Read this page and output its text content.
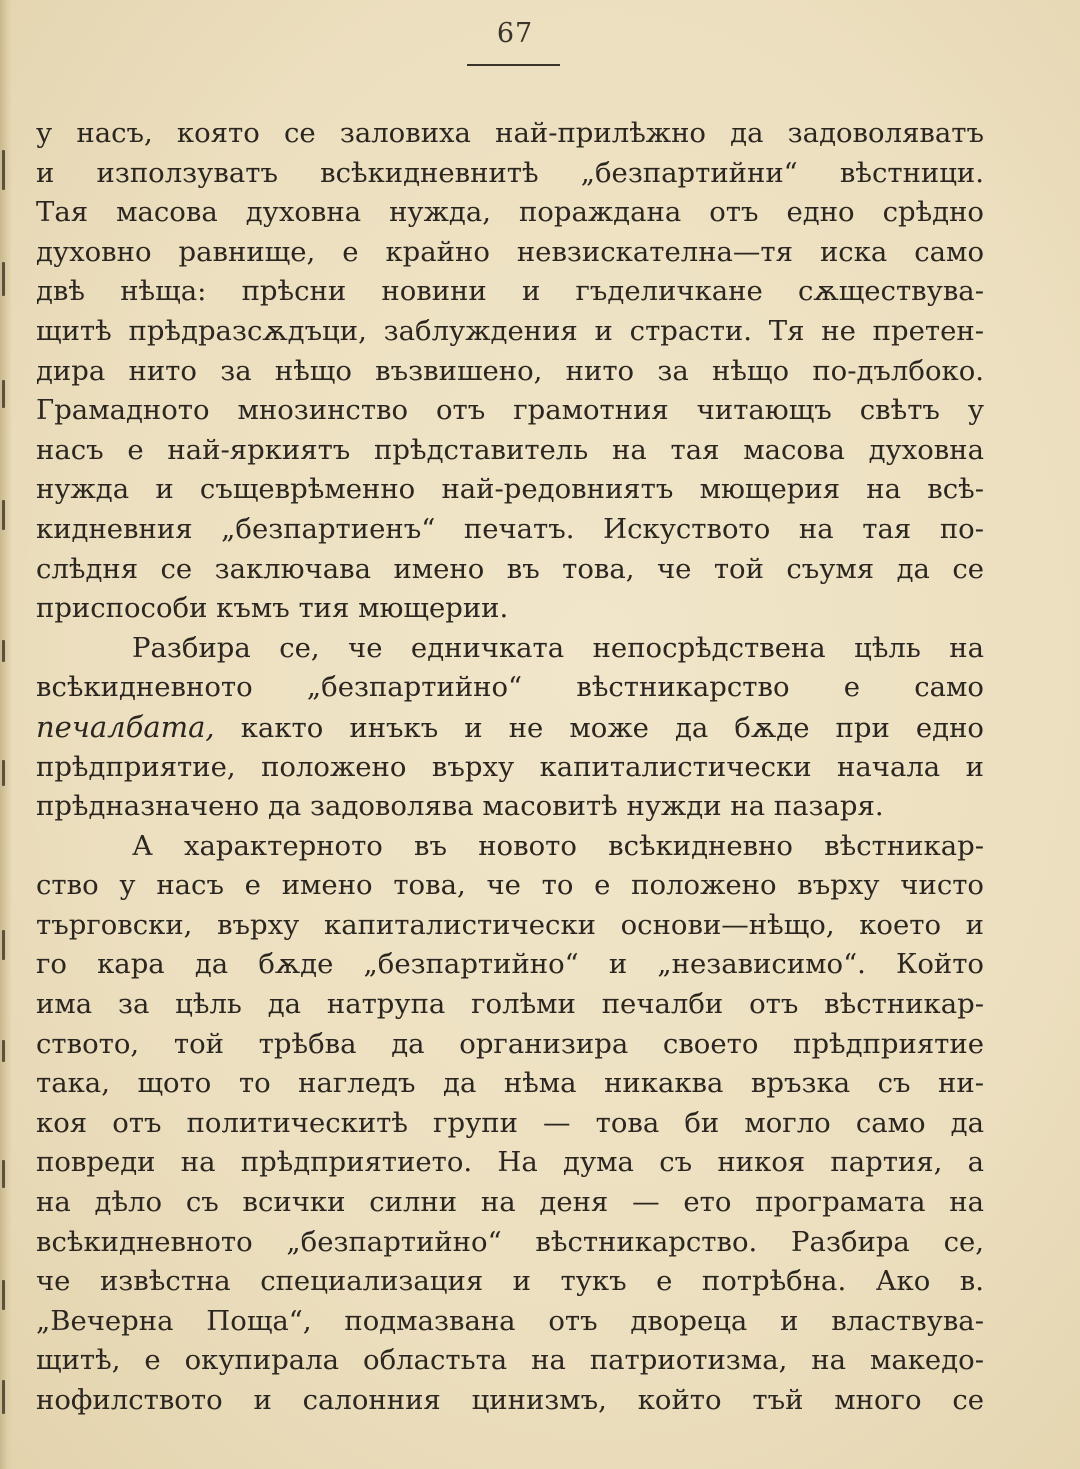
67
у насъ, която се заловиха най-прилѣжно да задоволяватъ
и използуватъ всѣкидневнитѣ „безпартийни“ вѣстници.
Тая масова духовна нужда, пораждана отъ едно срѣдно
духовно равнище, е крайно невзискателна—тя иска само
двѣ нѣща: прѣсни новини и гъделичкане сѫществува-
щитѣ прѣдразсѫдъци, заблуждения и страсти. Тя не претен-
дира нито за нѣщо възвишено, нито за нѣщо по-дълбоко.
Грамадното мнозинство отъ грамотния читающъ свѣтъ у
насъ е най-яркиятъ прѣдставитель на тая масова духовна
нужда и същеврѣменно най-редовниятъ мющерия на всѣ-
кидневния „безпартиенъ“ печатъ. Искуството на тая по-
слѣдня се заключава имено въ това, че той съумя да се
приспособи къмъ тия мющерии.
Разбира се, че едничката непосрѣдствена цѣль на
всѣкидневното „безпартийно“ вѣстникарство е само
печалбата, както инъкъ и не може да бѫде при едно
прѣдприятие, положено върху капиталистически начала и
прѣдназначено да задоволява масовитѣ нужди на пазаря.
А характерното въ новото всѣкидневно вѣстникар-
ство у насъ е имено това, че то е положено върху чисто
търговски, върху капиталистически основи—нѣщо, което и
го кара да бѫде „безпартийно“ и „независимо“. Който
има за цѣль да натрупа голѣми печалби отъ вѣстникар-
ството, той трѣбва да организира своето прѣдприятие
така, щото то нагледъ да нѣма никаква връзка съ ни-
коя отъ политическитѣ групи — това би могло само да
повреди на прѣдприятието. На дума съ никоя партия, а
на дѣло съ всички силни на деня — ето програмата на
всѣкидневното „безпартийно“ вѣстникарство. Разбира се,
че извѣстна специализация и тукъ е потрѣбна. Ако в.
„Вечерна Поща“, подмазвана отъ двореца и властвува-
щитѣ, е окупирала областьта на патриотизма, на македо-
нофилството и салонния цинизмъ, който тъй много се
